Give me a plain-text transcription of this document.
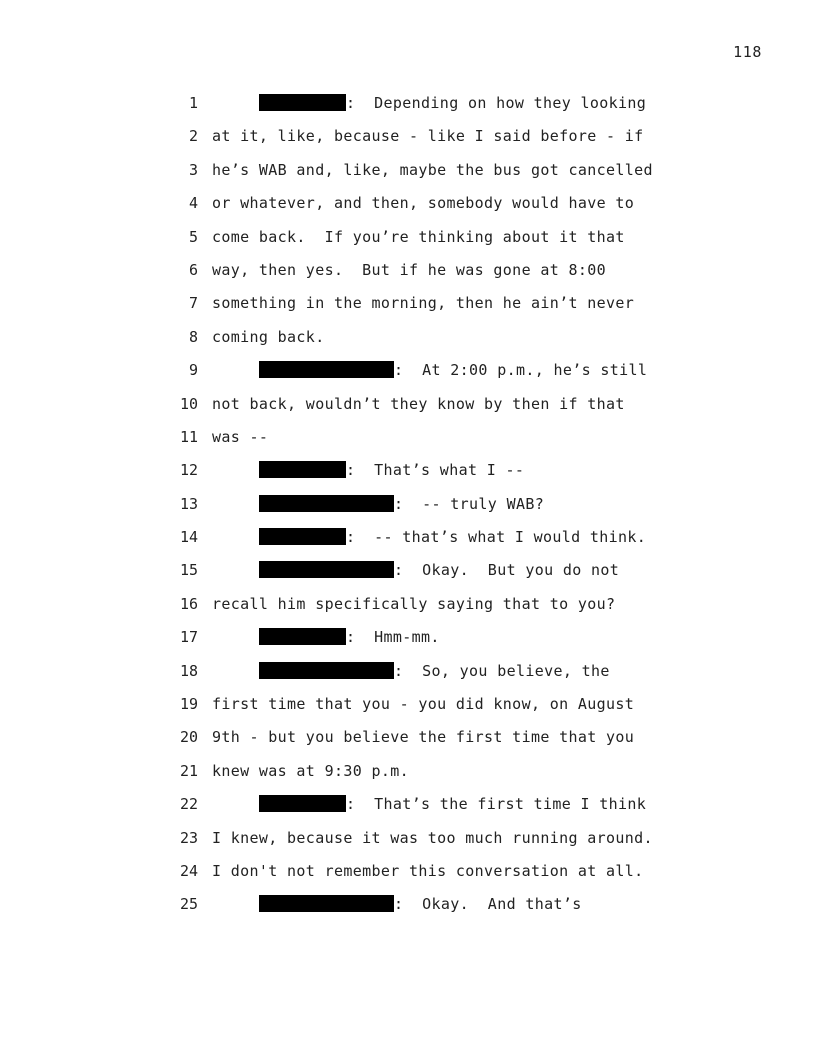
118
1	:  Depending on how they looking
2 at it, like, because - like I said before - if
3 he’s WAB and, like, maybe the bus got cancelled
4 or whatever, and then, somebody would have to
5 come back.  If you’re thinking about it that
6 way, then yes.  But if he was gone at 8:00
7 something in the morning, then he ain’t never
8 coming back.
9	:  At 2:00 p.m., he’s still
10 not back, wouldn’t they know by then if that
11 was --
12	:  That’s what I --
13	:  -- truly WAB?
14	:  -- that’s what I would think.
15	:  Okay.  But you do not
16 recall him specifically saying that to you?
17	:  Hmm-mm.
18	:  So, you believe, the
19 first time that you - you did know, on August
20 9th - but you believe the first time that you
21 knew was at 9:30 p.m.
22	:  That’s the first time I think
23 I knew, because it was too much running around.
24 I don't not remember this conversation at all.
25	:  Okay.  And that’s
